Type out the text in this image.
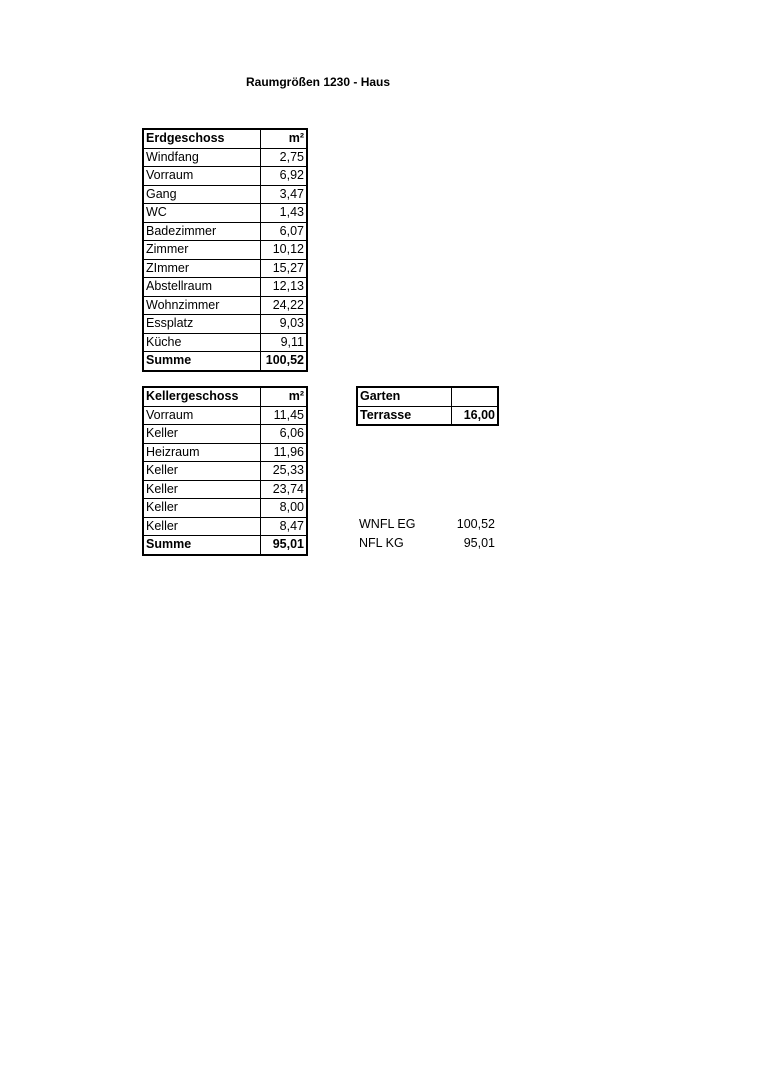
Raumgrößen 1230 - Haus
Erdgeschoss	m²
Windfang	2,75
Vorraum	6,92
Gang	3,47
WC	1,43
Badezimmer	6,07
Zimmer	10,12
ZImmer	15,27
Abstellraum	12,13
Wohnzimmer	24,22
Essplatz	9,03
Küche	9,11
Summe	100,52
Kellergeschoss	m²
Vorraum	11,45
Keller	6,06
Heizraum	11,96
Keller	25,33
Keller	23,74
Keller	8,00
Keller	8,47
Summe	95,01
Garten	
Terrasse	16,00
WNFL EG	100,52
NFL KG	95,01
